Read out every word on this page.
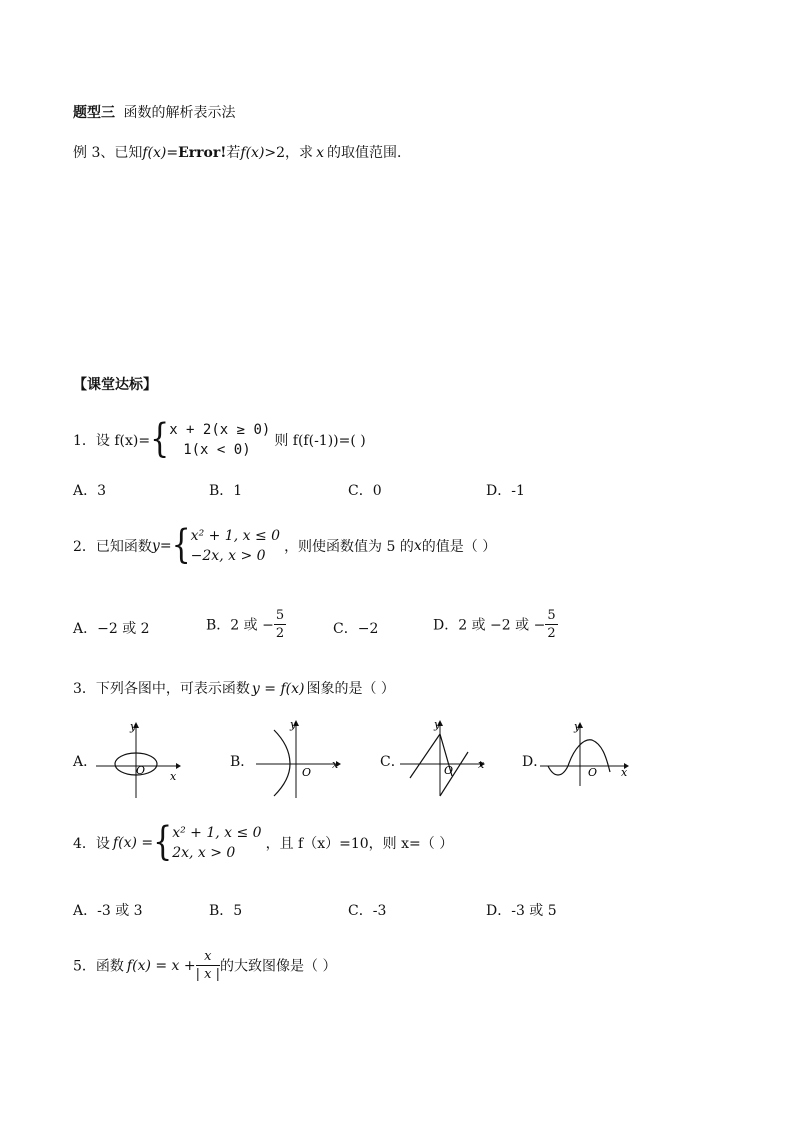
题型三 函数的解析表示法
例 3、已知f(x)=Error!若f(x)>2，求 x 的取值范围．
【课堂达标】
1．设 f(x)={ x + 2(x ≥ 0)
1(x < 0)
则 f(f(-1))=( )
A．3	B．1	C．0	D．-1
2．已知函数y={ x² + 1, x ≤ 0
−2x, x > 0
，则使函数值为 5 的x的值是（ ）
A．−2 或 2	B．2 或 − $\frac{5}{2}$	C．−2	D．2 或 −2 或 − $\frac{5}{2}$
3．下列各图中，可表示函数 y = f(x) 图象的是（ ）
A．
x
y
O
B．	x
y
O
C．	x
y
O
D．
x
y
O
4．设 f(x) ={ x² + 1, x ≤ 0
2x, x > 0
，且 f（x）=10，则 x=（ ）
A．-3 或 3	B．5	C．-3	D．-3 或 5
5．函数 $f(x) = x + \frac{x}{| x |}$ 的大致图像是（ ）
